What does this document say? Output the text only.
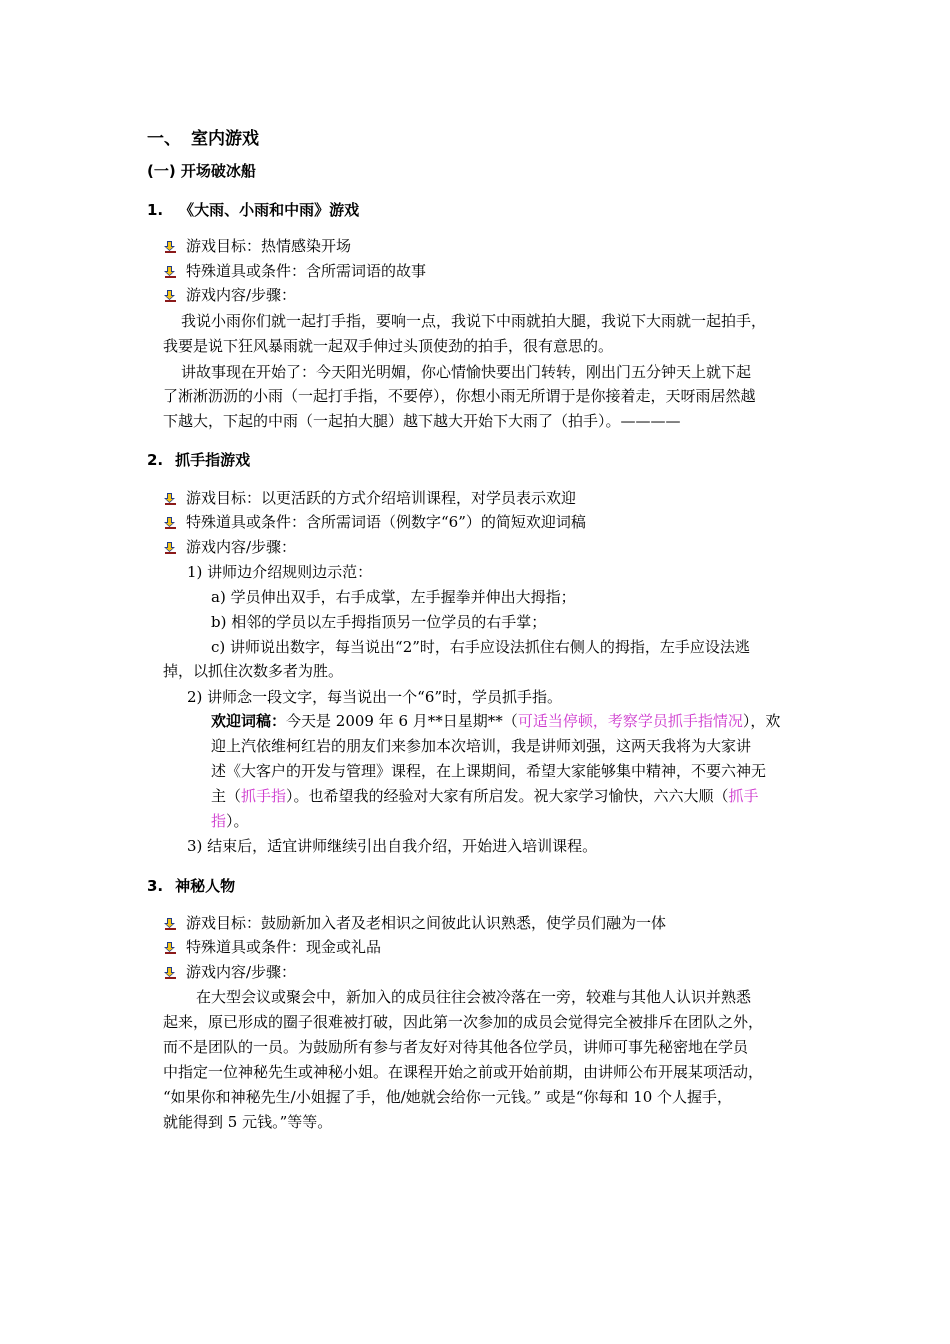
一、 室内游戏
(一) 开场破冰船
1. 《大雨、小雨和中雨》游戏
游戏目标：热情感染开场
特殊道具或条件：含所需词语的故事
游戏内容/步骤：
我说小雨你们就一起打手指，要响一点，我说下中雨就拍大腿，我说下大雨就一起拍手，
我要是说下狂风暴雨就一起双手伸过头顶使劲的拍手，很有意思的。
讲故事现在开始了：今天阳光明媚，你心情愉快要出门转转，刚出门五分钟天上就下起
了淅淅沥沥的小雨（一起打手指，不要停），你想小雨无所谓于是你接着走，天呀雨居然越
下越大，下起的中雨（一起拍大腿）越下越大开始下大雨了（拍手）。————
2. 抓手指游戏
游戏目标：以更活跃的方式介绍培训课程，对学员表示欢迎
特殊道具或条件：含所需词语（例数字“6”）的简短欢迎词稿
游戏内容/步骤：
1) 讲师边介绍规则边示范：
a) 学员伸出双手，右手成掌，左手握拳并伸出大拇指；
b) 相邻的学员以左手拇指顶另一位学员的右手掌；
c) 讲师说出数字，每当说出“2”时，右手应设法抓住右侧人的拇指，左手应设法逃
掉，以抓住次数多者为胜。
2) 讲师念一段文字，每当说出一个“6”时，学员抓手指。
欢迎词稿：今天是 2009 年 6 月**日星期**（可适当停顿，考察学员抓手指情况），欢
迎上汽依维柯红岩的朋友们来参加本次培训，我是讲师刘强，这两天我将为大家讲
述《大客户的开发与管理》课程，在上课期间，希望大家能够集中精神，不要六神无
主（抓手指）。也希望我的经验对大家有所启发。祝大家学习愉快，六六大顺（抓手
指）。
3) 结束后，适宜讲师继续引出自我介绍，开始进入培训课程。
3. 神秘人物
游戏目标：鼓励新加入者及老相识之间彼此认识熟悉，使学员们融为一体
特殊道具或条件：现金或礼品
游戏内容/步骤：
在大型会议或聚会中，新加入的成员往往会被冷落在一旁，较难与其他人认识并熟悉
起来，原已形成的圈子很难被打破，因此第一次参加的成员会觉得完全被排斥在团队之外，
而不是团队的一员。为鼓励所有参与者友好对待其他各位学员，讲师可事先秘密地在学员
中指定一位神秘先生或神秘小姐。在课程开始之前或开始前期，由讲师公布开展某项活动，
“如果你和神秘先生/小姐握了手，他/她就会给你一元钱。” 或是“你每和 10 个人握手，
就能得到 5 元钱。”等等。
